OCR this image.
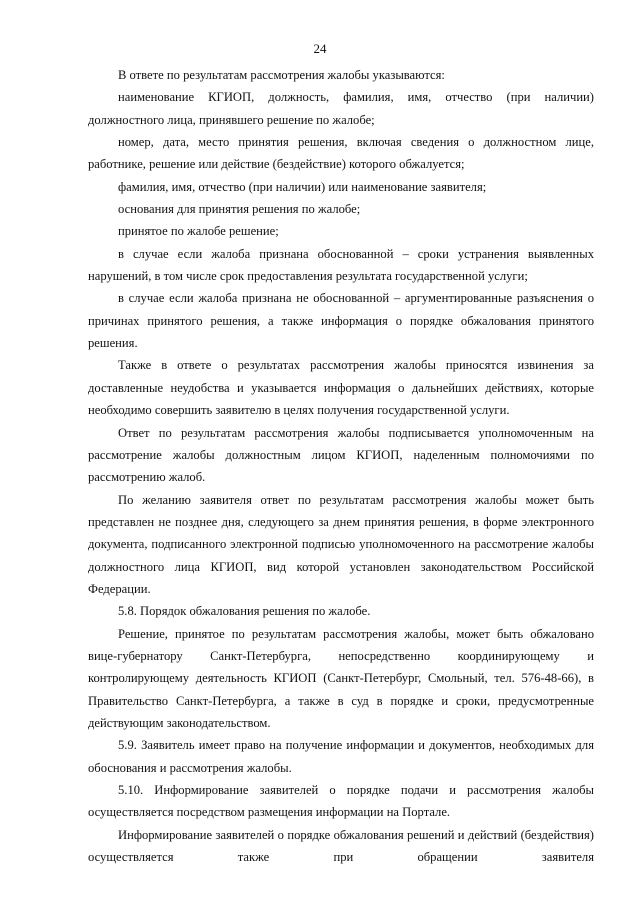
24

В ответе по результатам рассмотрения жалобы указываются:

наименование КГИОП, должность, фамилия, имя, отчество (при наличии) должностного лица, принявшего решение по жалобе;

номер, дата, место принятия решения, включая сведения о должностном лице, работнике, решение или действие (бездействие) которого обжалуется;

фамилия, имя, отчество (при наличии) или наименование заявителя;

основания для принятия решения по жалобе;

принятое по жалобе решение;

в случае если жалоба признана обоснованной – сроки устранения выявленных нарушений, в том числе срок предоставления результата государственной услуги;

в случае если жалоба признана не обоснованной – аргументированные разъяснения о причинах принятого решения, а также информация о порядке обжалования принятого решения.

Также в ответе о результатах рассмотрения жалобы приносятся извинения за доставленные неудобства и указывается информация о дальнейших действиях, которые необходимо совершить заявителю в целях получения государственной услуги.

Ответ по результатам рассмотрения жалобы подписывается уполномоченным на рассмотрение жалобы должностным лицом КГИОП, наделенным полномочиями по рассмотрению жалоб.

По желанию заявителя ответ по результатам рассмотрения жалобы может быть представлен не позднее дня, следующего за днем принятия решения, в форме электронного документа, подписанного электронной подписью уполномоченного на рассмотрение жалобы должностного лица КГИОП, вид которой установлен законодательством Российской Федерации.

5.8. Порядок обжалования решения по жалобе.

Решение, принятое по результатам рассмотрения жалобы, может быть обжаловано вице-губернатору Санкт-Петербурга, непосредственно координирующему и контролирующему деятельность КГИОП (Санкт-Петербург, Смольный, тел. 576-48-66), в Правительство Санкт-Петербурга, а также в суд в порядке и сроки, предусмотренные действующим законодательством.

5.9. Заявитель имеет право на получение информации и документов, необходимых для обоснования и рассмотрения жалобы.

5.10. Информирование заявителей о порядке подачи и рассмотрения жалобы осуществляется посредством размещения информации на Портале.

Информирование заявителей о порядке обжалования решений и действий (бездействия) осуществляется также при обращении заявителя
